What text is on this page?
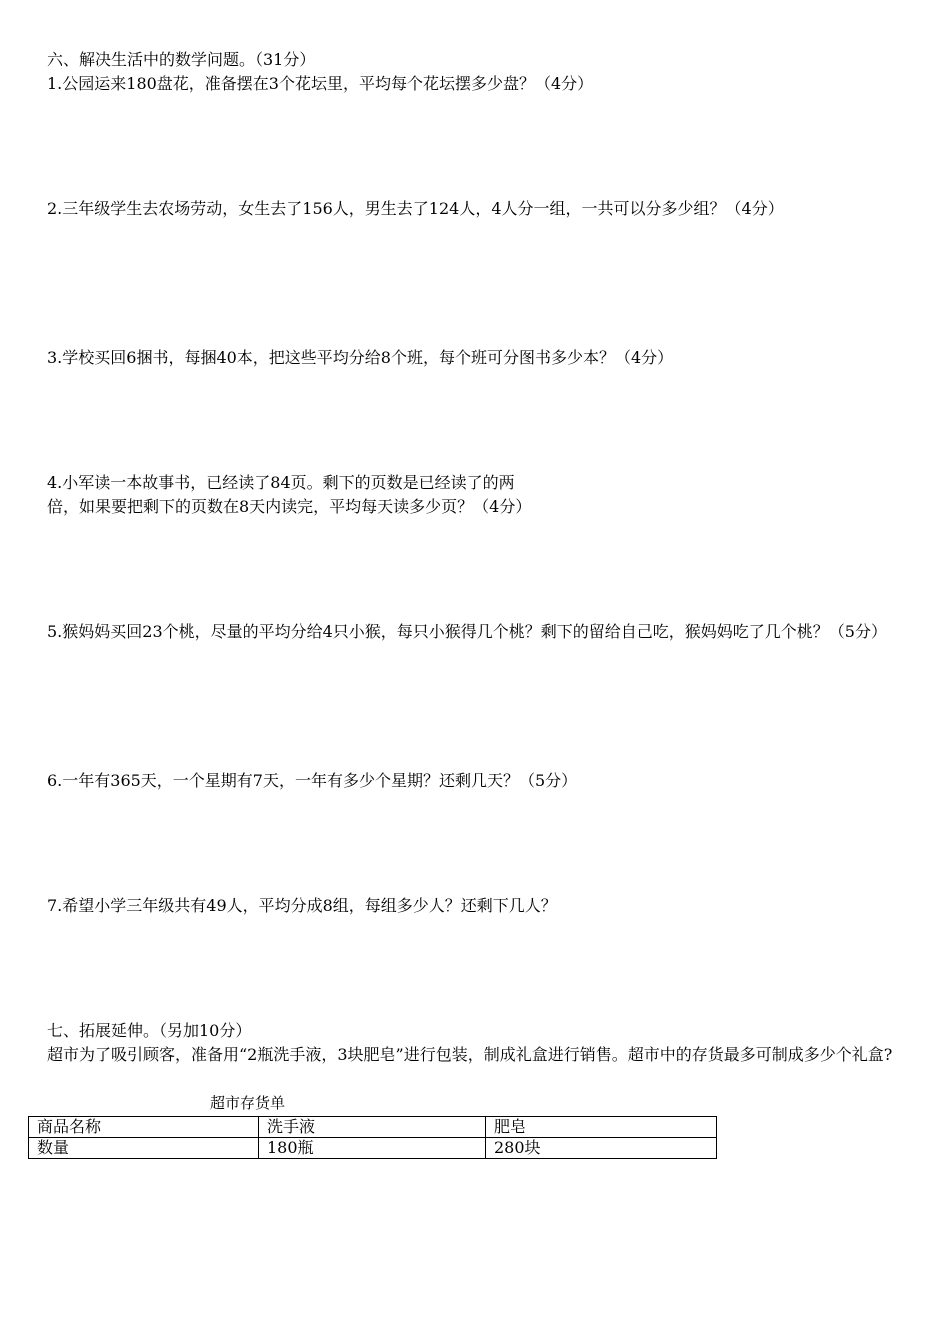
六、解决生活中的数学问题。（31分）
1.公园运来180盘花，准备摆在3个花坛里，平均每个花坛摆多少盘？（4分）
2.三年级学生去农场劳动，女生去了156人，男生去了124人，4人分一组，一共可以分多少组？（4分）
3.学校买回6捆书，每捆40本，把这些平均分给8个班，每个班可分图书多少本？（4分）
4.小军读一本故事书，已经读了84页。剩下的页数是已经读了的两
倍，如果要把剩下的页数在8天内读完，平均每天读多少页？（4分）
5.猴妈妈买回23个桃，尽量的平均分给4只小猴，每只小猴得几个桃？剩下的留给自己吃，猴妈妈吃了几个桃？（5分）
6.一年有365天，一个星期有7天，一年有多少个星期？还剩几天？（5分）
7.希望小学三年级共有49人，平均分成8组，每组多少人？还剩下几人？
七、拓展延伸。（另加10分）
超市为了吸引顾客，准备用“2瓶洗手液，3块肥皂”进行包装，制成礼盒进行销售。超市中的存货最多可制成多少个礼盒?
超市存货单
商品名称	洗手液	肥皂
数量	180瓶	280块
